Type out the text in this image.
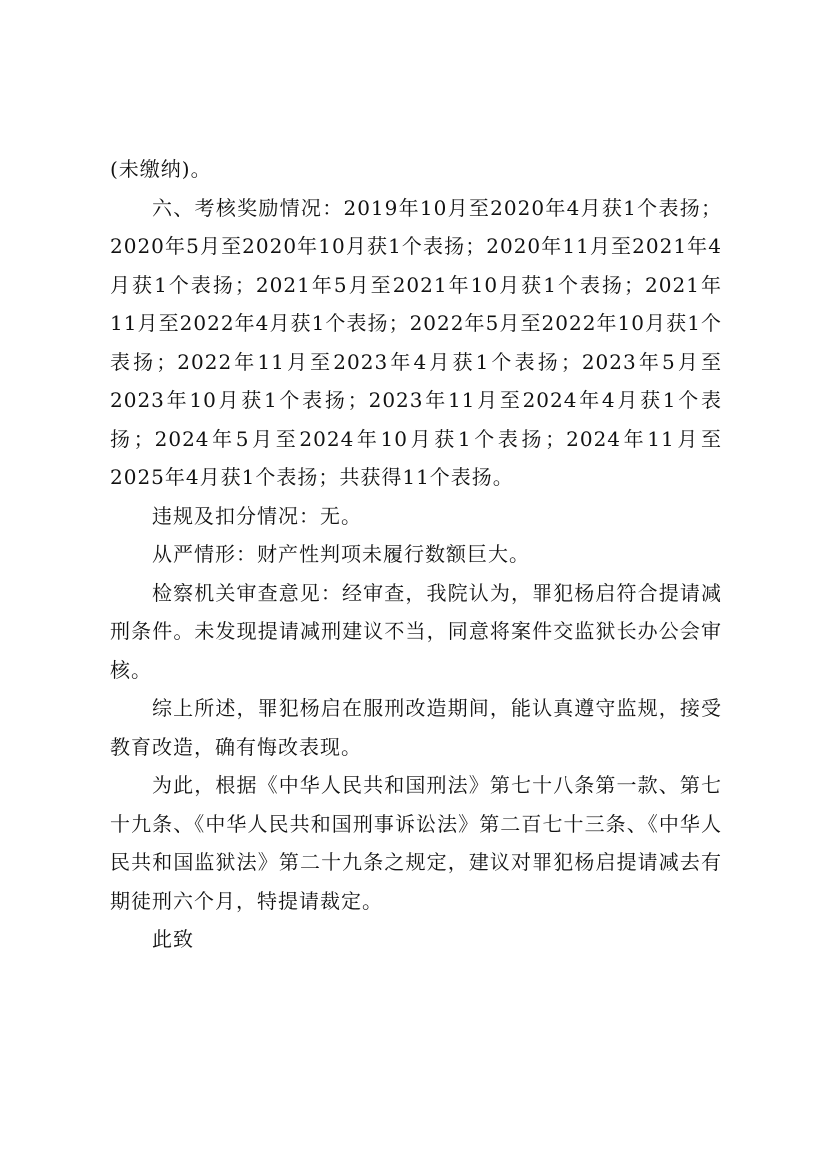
(未缴纳)。

六、考核奖励情况：2019年10月至2020年4月获1个表扬；2020年5月至2020年10月获1个表扬；2020年11月至2021年4月获1个表扬；2021年5月至2021年10月获1个表扬；2021年11月至2022年4月获1个表扬；2022年5月至2022年10月获1个表扬；2022年11月至2023年4月获1个表扬；2023年5月至2023年10月获1个表扬；2023年11月至2024年4月获1个表扬；2024年5月至2024年10月获1个表扬；2024年11月至2025年4月获1个表扬；共获得11个表扬。

违规及扣分情况：无。

从严情形：财产性判项未履行数额巨大。

检察机关审查意见：经审查，我院认为，罪犯杨启符合提请减刑条件。未发现提请减刑建议不当，同意将案件交监狱长办公会审核。

综上所述，罪犯杨启在服刑改造期间，能认真遵守监规，接受教育改造，确有悔改表现。

为此，根据《中华人民共和国刑法》第七十八条第一款、第七十九条、《中华人民共和国刑事诉讼法》第二百七十三条、《中华人民共和国监狱法》第二十九条之规定，建议对罪犯杨启提请减去有期徒刑六个月，特提请裁定。

此致
